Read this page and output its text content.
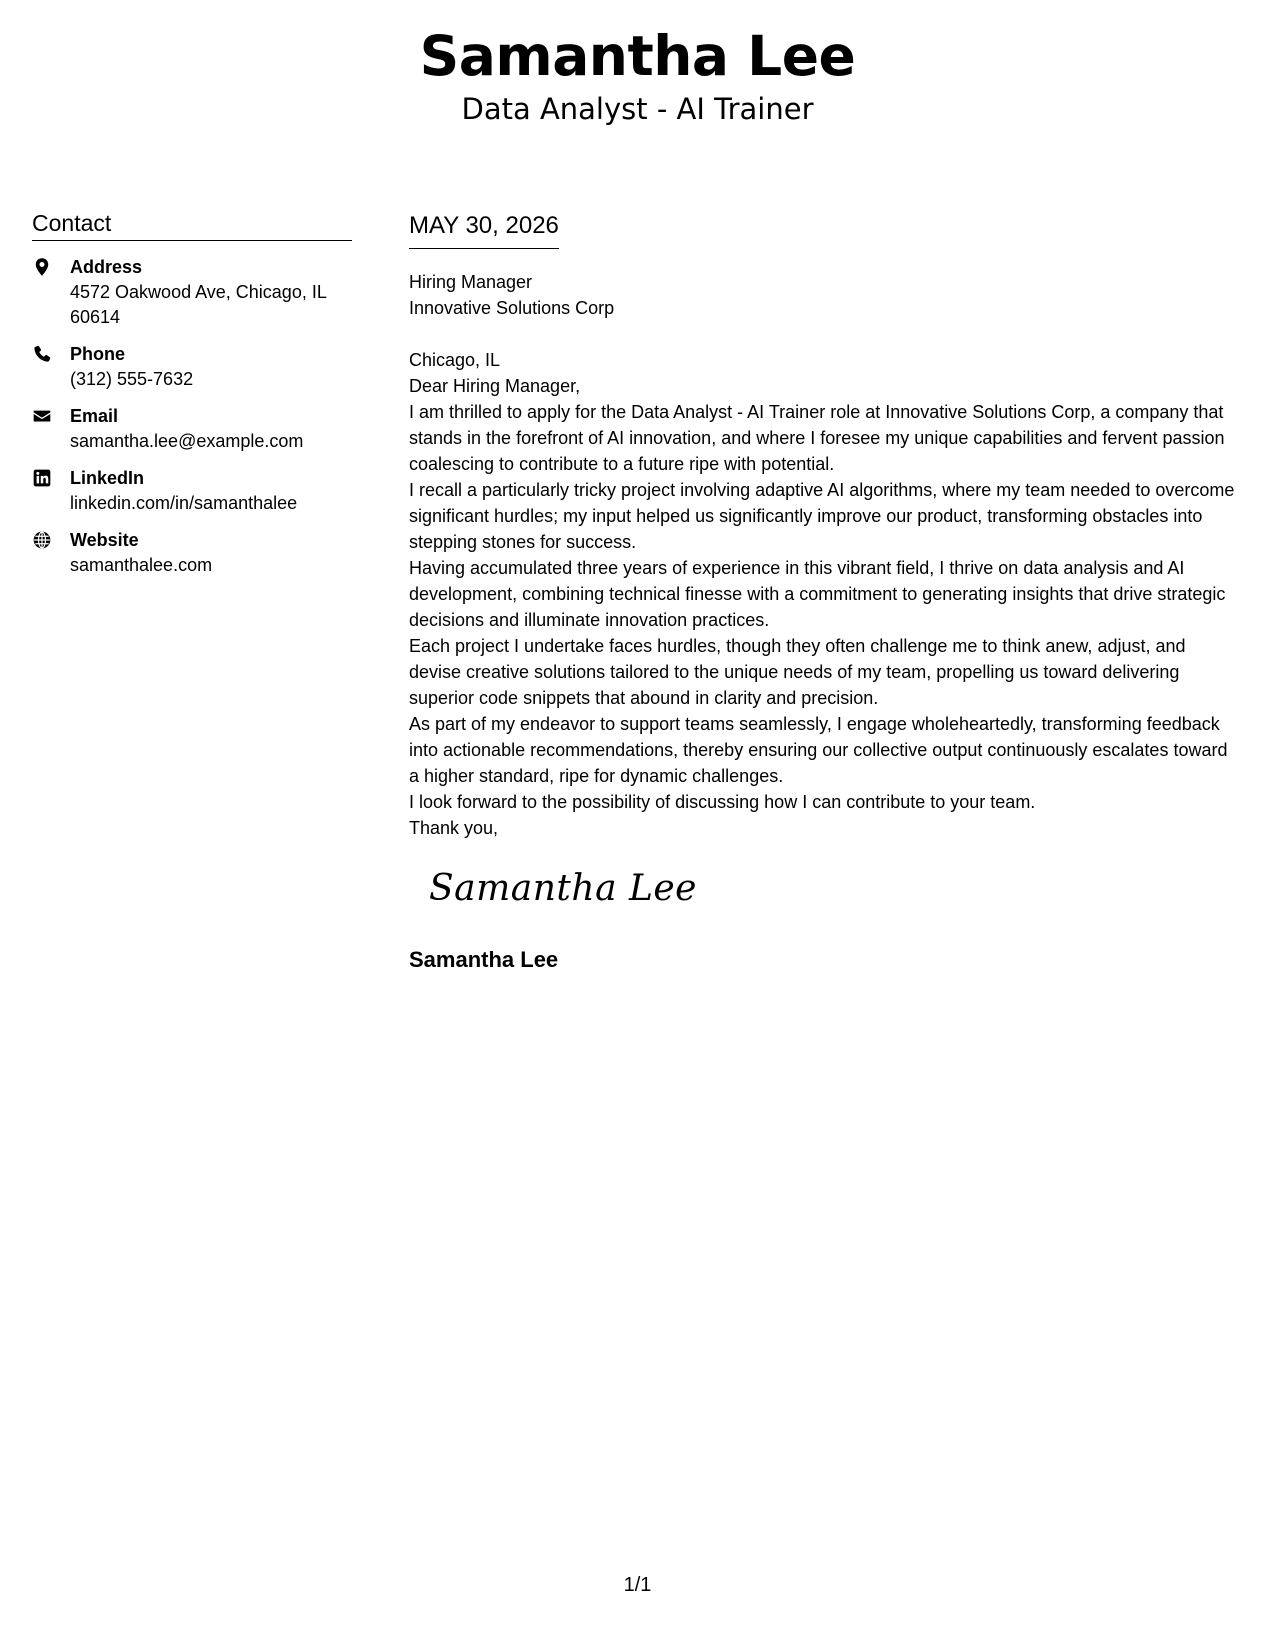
Samantha Lee

Data Analyst - AI Trainer

Contact
Address
4572 Oakwood Ave, Chicago, IL 60614
Phone
(312) 555-7632
Email
samantha.lee@example.com
LinkedIn
linkedin.com/in/samanthalee
Website
samanthalee.com
MAY 30, 2026

Hiring Manager

Innovative Solutions Corp

Chicago, IL

Dear Hiring Manager,

I am thrilled to apply for the Data Analyst - AI Trainer role at Innovative Solutions Corp, a company that stands in the forefront of AI innovation, and where I foresee my unique capabilities and fervent passion coalescing to contribute to a future ripe with potential.

I recall a particularly tricky project involving adaptive AI algorithms, where my team needed to overcome significant hurdles; my input helped us significantly improve our product, transforming obstacles into stepping stones for success.

Having accumulated three years of experience in this vibrant field, I thrive on data analysis and AI development, combining technical finesse with a commitment to generating insights that drive strategic decisions and illuminate innovation practices.

Each project I undertake faces hurdles, though they often challenge me to think anew, adjust, and devise creative solutions tailored to the unique needs of my team, propelling us toward delivering superior code snippets that abound in clarity and precision.

As part of my endeavor to support teams seamlessly, I engage wholeheartedly, transforming feedback into actionable recommendations, thereby ensuring our collective output continuously escalates toward a higher standard, ripe for dynamic challenges.

I look forward to the possibility of discussing how I can contribute to your team.

Thank you,

Samantha Lee
Samantha Lee
1/1
